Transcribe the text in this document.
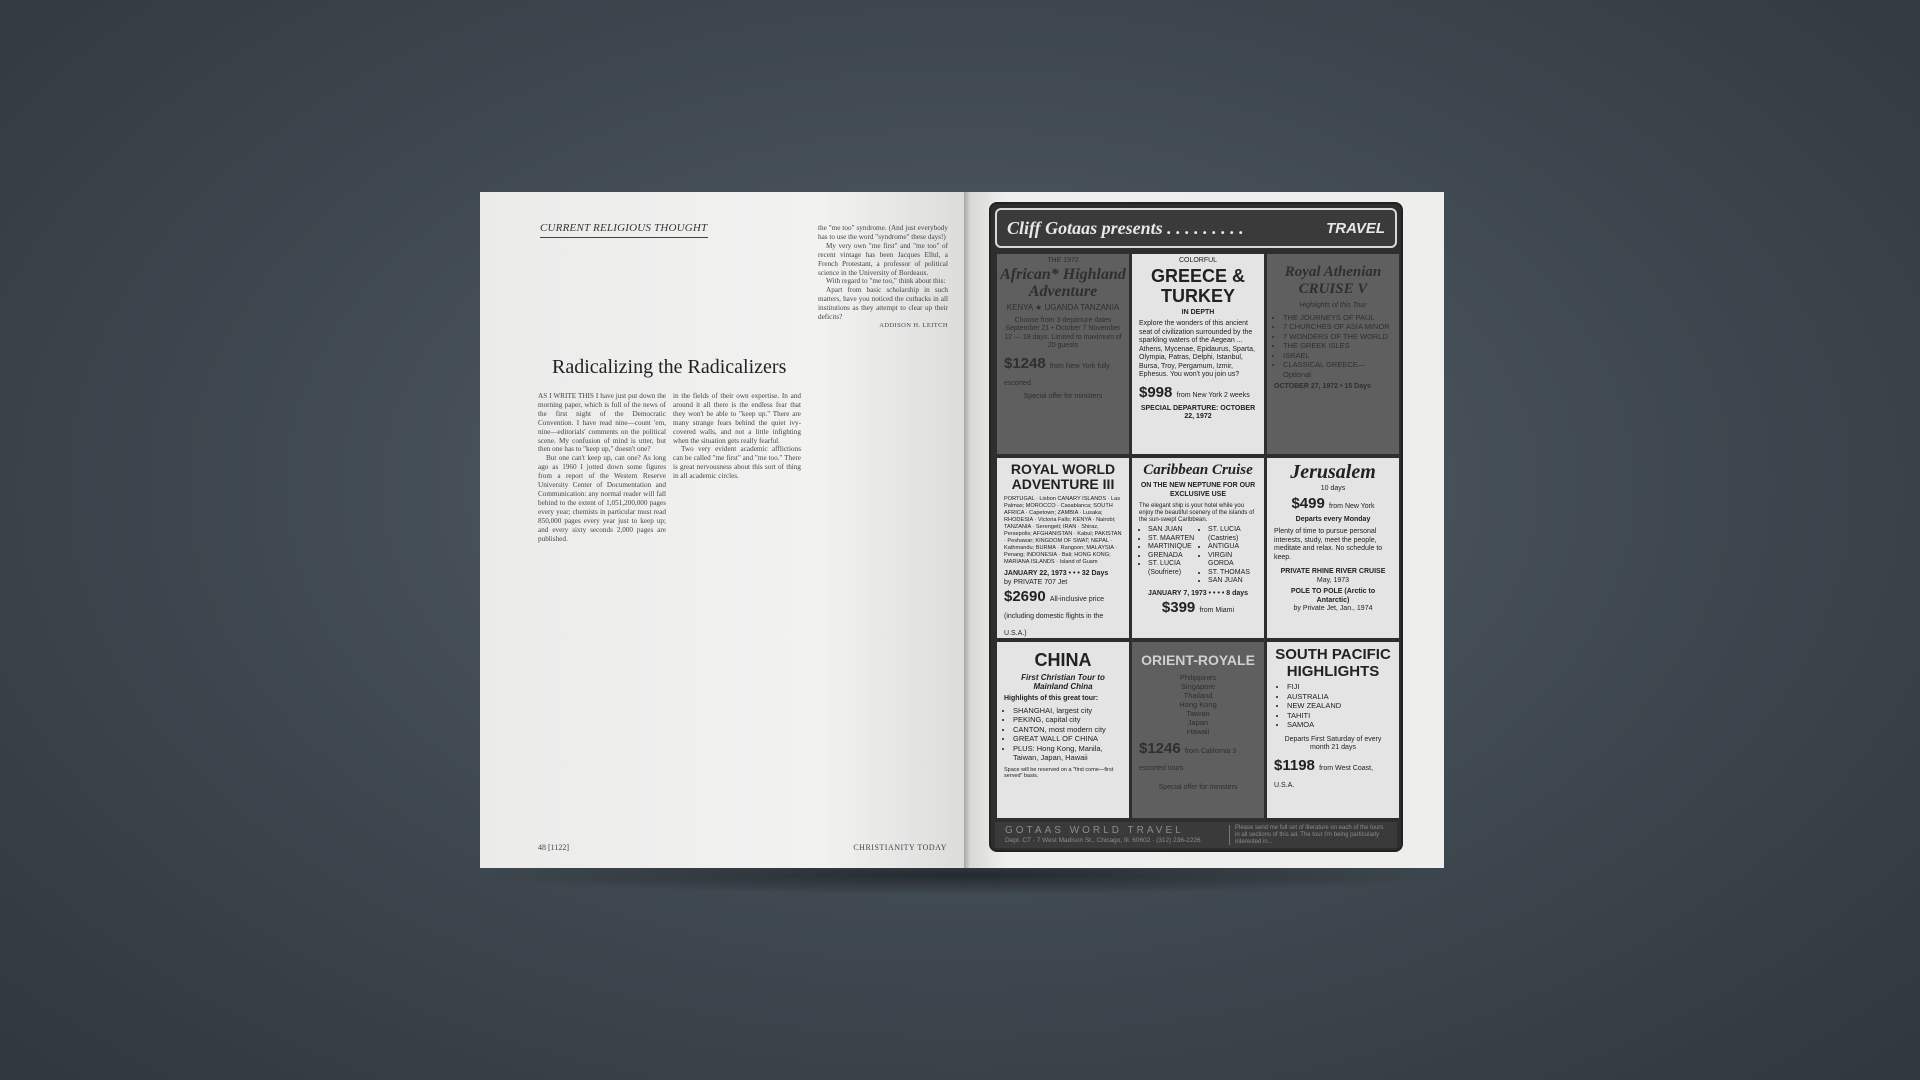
CURRENT RELIGIOUS THOUGHT
Radicalizing the Radicalizers

AS I WRITE THIS I have just put down the morning paper, which is full of the news of the first night of the Democratic Convention. I have read nine—count 'em, nine—editorials' comments on the political scene. My confusion of mind is utter, but then one has to "keep up," doesn't one?

But one can't keep up, can one? As long ago as 1960 I jotted down some figures from a report of the Western Reserve University Center of Documentation and Communication: any normal reader will fall behind to the extent of 1,051,200,000 pages every year; chemists in particular must read 850,000 pages every year just to keep up; and every sixty seconds 2,000 pages are published.

in the fields of their own expertise. In and around it all there is the endless fear that they won't be able to "keep up." There are many strange fears behind the quiet ivy-covered walls, and not a little infighting when the situation gets really fearful.

Two very evident academic afflictions can be called "me first" and "me too." There is great nervousness about this sort of thing in all academic circles.

the "me too" syndrome. (And just everybody has to use the word "syndrome" these days!)

My very own "me first" and "me too" of recent vintage has been Jacques Ellul, a French Protestant, a professor of political science in the University of Bordeaux.

With regard to "me too," think about this:

Apart from basic scholarship in such matters, have you noticed the cutbacks in all institutions as they attempt to clear up their deficits?

ADDISON H. LEITCH

48 [1122]	CHRISTIANITY TODAY
Cliff Gotaas presents . . . . . . . . .	TRAVEL
THE 1972
African* Highland Adventure
KENYA ★ UGANDA TANZANIA
Choose from 3 departure dates September 21 • October 7 November 12 — 18 days. Limited to maximum of 20 guests
$1248 from New York fully escorted
Special offer for ministers
COLORFUL
GREECE & TURKEY
IN DEPTH
Explore the wonders of this ancient seat of civilization surrounded by the sparkling waters of the Aegean ... Athens, Mycenae, Epidaurus, Sparta, Olympia, Patras, Delphi, Istanbul, Bursa, Troy, Pergamum, Izmir, Ephesus. You won't you join us?
$998 from New York 2 weeks
SPECIAL DEPARTURE: OCTOBER 22, 1972
Royal Athenian CRUISE V
Highlights of this Tour
• THE JOURNEYS OF PAUL
• 7 CHURCHES OF ASIA MINOR
• 7 WONDERS OF THE WORLD
• THE GREEK ISLES
• ISRAEL
• CLASSICAL GREECE—Optional
OCTOBER 27, 1972 • 15 Days
ROYAL WORLD ADVENTURE III
PORTUGAL · Lisbon CANARY ISLANDS · Las Palmas; MOROCCO · Casablanca; SOUTH AFRICA · Capetown; ZAMBIA · Lusaka; RHODESIA · Victoria Falls; KENYA · Nairobi; TANZANIA · Serengeti; IRAN · Shiraz, Persepolis; AFGHANISTAN · Kabul; PAKISTAN · Peshawar; KINGDOM OF SWAT; NEPAL · Kathmandu; BURMA · Rangoon; MALAYSIA · Penang; INDONESIA · Bali; HONG KONG; MARIANA ISLANDS · Island of Guam
JANUARY 22, 1973 • • • 32 Days
by PRIVATE 707 Jet
$2690 All-inclusive price (including domestic flights in the U.S.A.)
Caribbean Cruise
ON THE NEW NEPTUNE FOR OUR EXCLUSIVE USE
The elegant ship is your hotel while you enjoy the beautiful scenery of the islands of the sun-swept Caribbean.
• SAN JUAN
• ST. MAARTEN
• MARTINIQUE
• GRENADA
• ST. LUCIA (Soufriere)
• ST. LUCIA (Castries)
• ANTIGUA
• VIRGIN GORDA
• ST. THOMAS
• SAN JUAN
JANUARY 7, 1973 • • • • 8 days
$399 from Miami
Jerusalem
10 days
$499 from New York
Departs every Monday
Plenty of time to pursue personal interests, study, meet the people, meditate and relax. No schedule to keep.
PRIVATE RHINE RIVER CRUISE
May, 1973
POLE TO POLE (Arctic to Antarctic)
by Private Jet, Jan., 1974
CHINA
First Christian Tour to Mainland China
Highlights of this great tour:
• SHANGHAI, largest city
• PEKING, capital city
• CANTON, most modern city
• GREAT WALL OF CHINA
• PLUS: Hong Kong, Manila, Taiwan, Japan, Hawaii
Space will be reserved on a "first come—first served" basis.
ORIENT-ROYALE
Philippines
Singapore
Thailand
Hong Kong
Taiwan
Japan
Hawaii
$1246 from California 3 escorted tours
Special offer for ministers
SOUTH PACIFIC HIGHLIGHTS
• FIJI
• AUSTRALIA
• NEW ZEALAND
• TAHITI
• SAMOA
Departs First Saturday of every month 21 days
$1198 from West Coast, U.S.A.
GOTAAS WORLD TRAVEL
Dept. CT · 7 West Madison St., Chicago, Ill. 60602 · (312) 236-2226
Please send me full set of literature on each of the tours in all sections of this ad. The tour I'm being particularly interested in...
